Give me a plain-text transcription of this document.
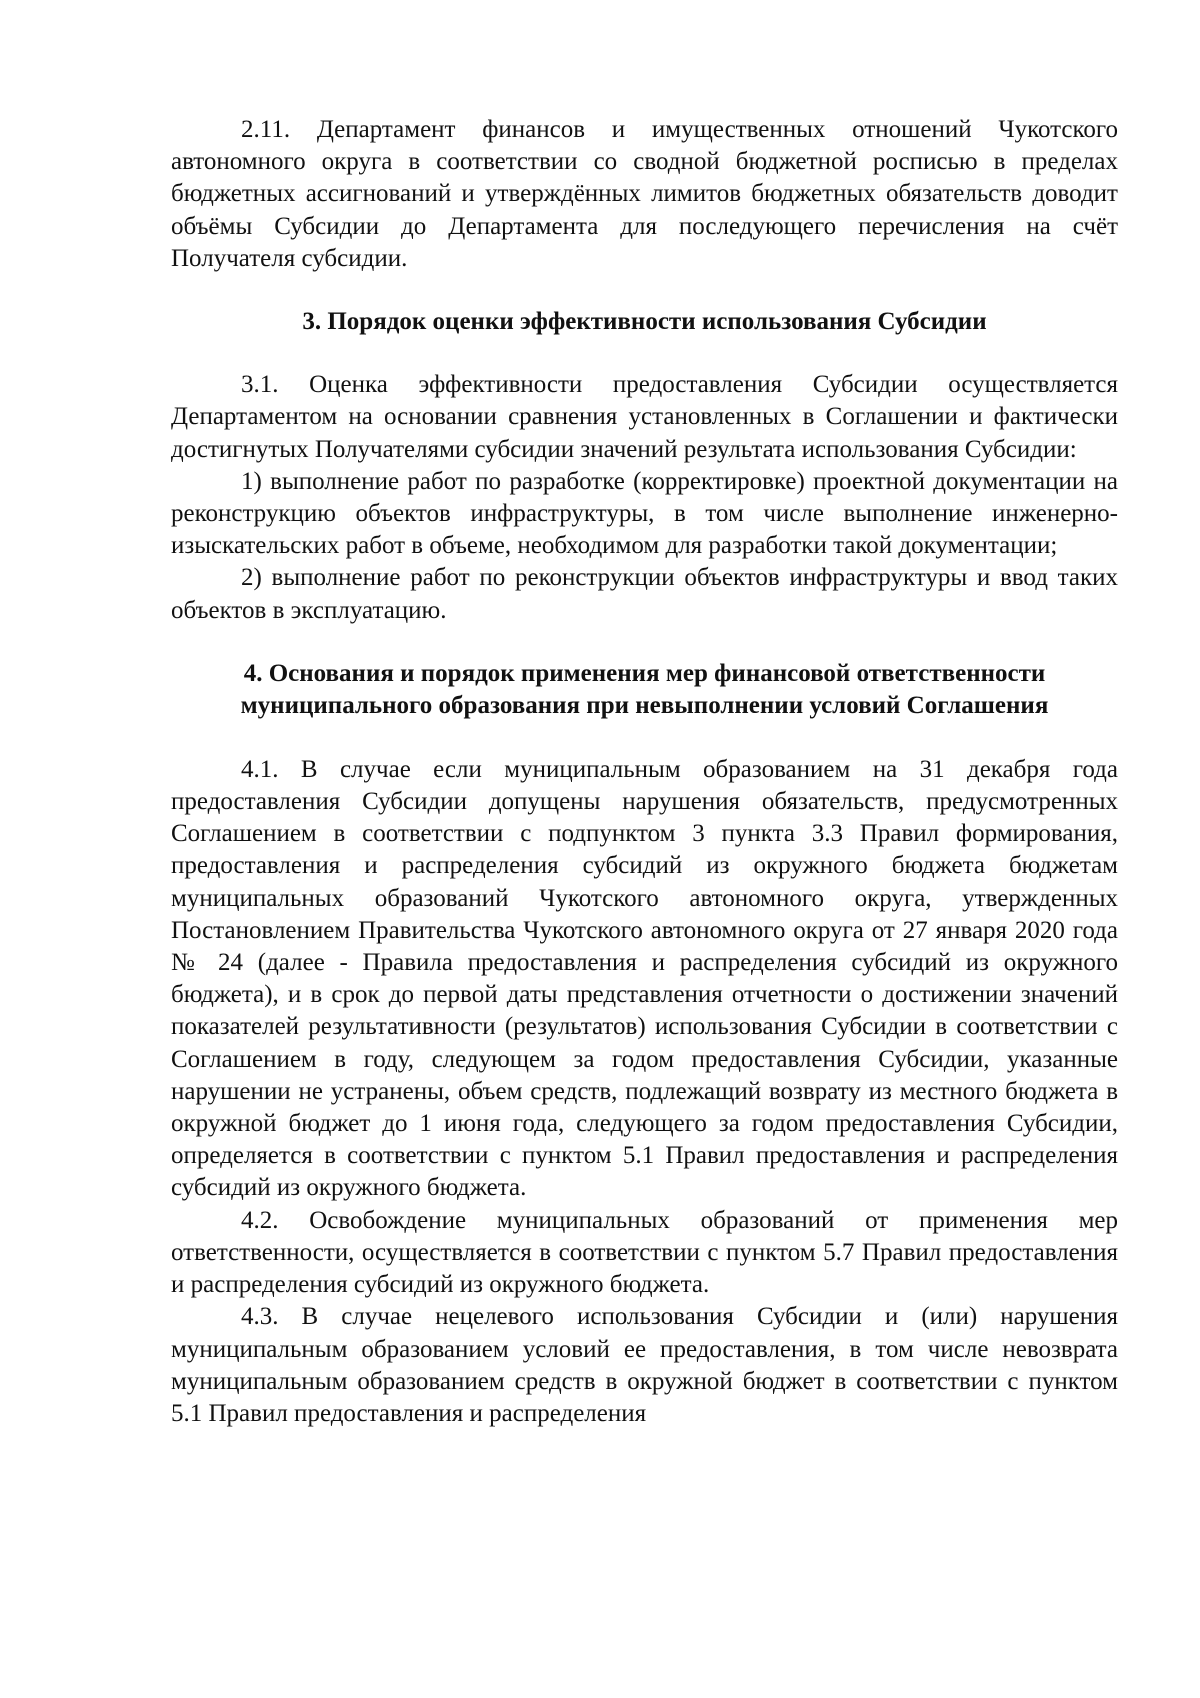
2.11. Департамент финансов и имущественных отношений Чукотского автономного округа в соответствии со сводной бюджетной росписью в пределах бюджетных ассигнований и утверждённых лимитов бюджетных обязательств доводит объёмы Субсидии до Департамента для последующего перечисления на счёт Получателя субсидии.

3. Порядок оценки эффективности использования Субсидии

3.1. Оценка эффективности предоставления Субсидии осуществляется Департаментом на основании сравнения установленных в Соглашении и фактически достигнутых Получателями субсидии значений результата использования Субсидии:

1) выполнение работ по разработке (корректировке) проектной документации на реконструкцию объектов инфраструктуры, в том числе выполнение инженерно-изыскательских работ в объеме, необходимом для разработки такой документации;

2) выполнение работ по реконструкции объектов инфраструктуры и ввод таких объектов в эксплуатацию.

4. Основания и порядок применения мер финансовой ответственности
муниципального образования при невыполнении условий Соглашения

4.1. В случае если муниципальным образованием на 31 декабря года предоставления Субсидии допущены нарушения обязательств, предусмотренных Соглашением в соответствии с подпунктом 3 пункта 3.3 Правил формирования, предоставления и распределения субсидий из окружного бюджета бюджетам муниципальных образований Чукотского автономного округа, утвержденных Постановлением Правительства Чукотского автономного округа от 27 января 2020 года № 24 (далее - Правила предоставления и распределения субсидий из окружного бюджета), и в срок до первой даты представления отчетности о достижении значений показателей результативности (результатов) использования Субсидии в соответствии с Соглашением в году, следующем за годом предоставления Субсидии, указанные нарушении не устранены, объем средств, подлежащий возврату из местного бюджета в окружной бюджет до 1 июня года, следующего за годом предоставления Субсидии, определяется в соответствии с пунктом 5.1 Правил предоставления и распределения субсидий из окружного бюджета.

4.2. Освобождение муниципальных образований от применения мер ответственности, осуществляется в соответствии с пунктом 5.7 Правил предоставления и распределения субсидий из окружного бюджета.

4.3. В случае нецелевого использования Субсидии и (или) нарушения муниципальным образованием условий ее предоставления, в том числе невозврата муниципальным образованием средств в окружной бюджет в соответствии с пунктом 5.1 Правил предоставления и распределения
